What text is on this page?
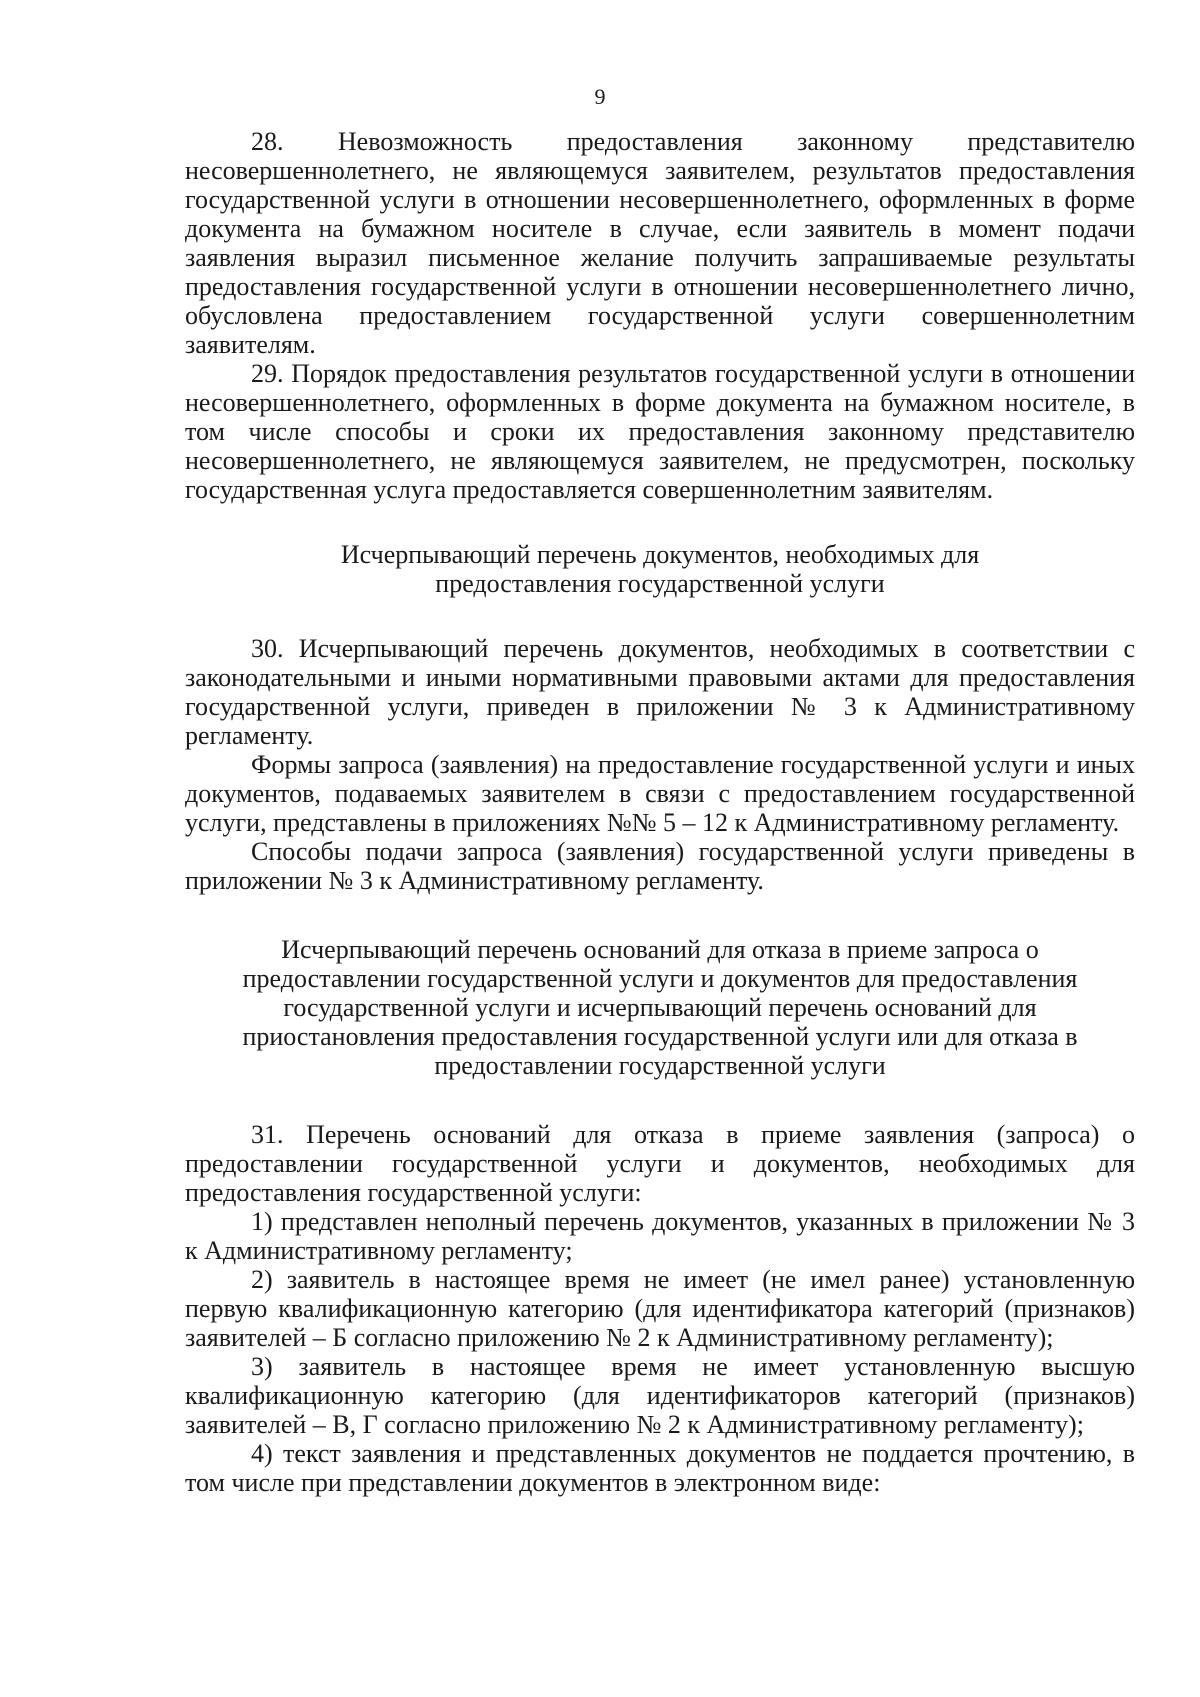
9

28. Невозможность предоставления законному представителю несовершеннолетнего, не являющемуся заявителем, результатов предоставления государственной услуги в отношении несовершеннолетнего, оформленных в форме документа на бумажном носителе в случае, если заявитель в момент подачи заявления выразил письменное желание получить запрашиваемые результаты предоставления государственной услуги в отношении несовершеннолетнего лично, обусловлена предоставлением государственной услуги совершеннолетним заявителям.

29. Порядок предоставления результатов государственной услуги в отношении несовершеннолетнего, оформленных в форме документа на бумажном носителе, в том числе способы и сроки их предоставления законному представителю несовершеннолетнего, не являющемуся заявителем, не предусмотрен, поскольку государственная услуга предоставляется совершеннолетним заявителям.

Исчерпывающий перечень документов, необходимых для предоставления государственной услуги

30. Исчерпывающий перечень документов, необходимых в соответствии с законодательными и иными нормативными правовыми актами для предоставления государственной услуги, приведен в приложении № 3 к Административному регламенту.

Формы запроса (заявления) на предоставление государственной услуги и иных документов, подаваемых заявителем в связи с предоставлением государственной услуги, представлены в приложениях №№ 5 – 12 к Административному регламенту.

Способы подачи запроса (заявления) государственной услуги приведены в приложении № 3 к Административному регламенту.

Исчерпывающий перечень оснований для отказа в приеме запроса о предоставлении государственной услуги и документов для предоставления государственной услуги и исчерпывающий перечень оснований для приостановления предоставления государственной услуги или для отказа в предоставлении государственной услуги

31. Перечень оснований для отказа в приеме заявления (запроса) о предоставлении государственной услуги и документов, необходимых для предоставления государственной услуги:

1) представлен неполный перечень документов, указанных в приложении № 3 к Административному регламенту;

2) заявитель в настоящее время не имеет (не имел ранее) установленную первую квалификационную категорию (для идентификатора категорий (признаков) заявителей – Б согласно приложению № 2 к Административному регламенту);

3) заявитель в настоящее время не имеет установленную высшую квалификационную категорию (для идентификаторов категорий (признаков) заявителей – В, Г согласно приложению № 2 к Административному регламенту);

4) текст заявления и представленных документов не поддается прочтению, в том числе при представлении документов в электронном виде:
